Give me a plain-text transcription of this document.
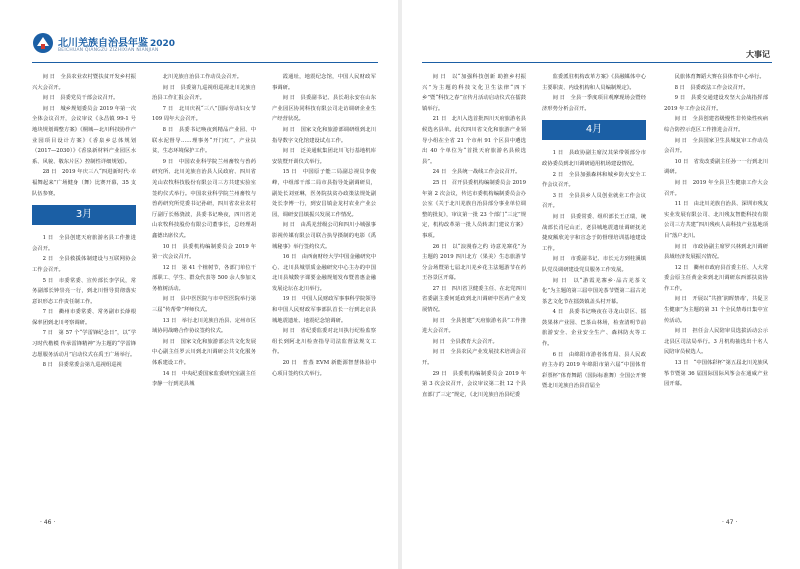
北川羌族自治县年鉴 2020
BEICHUAN QIANGZU ZIZHIXIAN NIANJIAN

间 日　全县农业农村暨扶贫开发乡村振兴大会召开。

间 日　县委党员干部会议召开。

间 日　城乡规划委员会 2019 年第一次全体会议召开，会议审议《永昌镇 99-1 号地块规划调整方案》《桐城—北川科技协作产业园项目设计方案》《香泉乡总体规划（2017—2030）》《香泉新材料产业园区水系、风貌、敬东片区）控制性详细规划》。

28 日　2019 年庆三八“四进新时代·幸福舞起来”广场健身（舞）比赛开幕，35 支队伍参赛。

3月

1 日　全县创建天府旅游名县工作推进会召开。

2 日　全县救援体制建设与互联网协会工作会召开。

5 日　市委常委、宣传部长李学民，常务副部长钟崇亮一行，到北川督导贯彻落实意识形态工作责任制工作。

7 日　衢州市委常委、常务副市长薛根保率团到北川考察调研。

7 日　第 57 个“学雷锋纪念日”，以“学习时代楷模 传承雷锋精神”为主题的“学雷锋志愿服务活动月”启动仪式在禹王广场举行。

8 日　县委常委会第九巡视组巡视

北川羌族自治县工作动员会召开。

间 日　县委第九巡视组巡视北川羌族自治县工作汇报会召开。

7 日　北川庆祝“三八”国际劳动妇女节 109 周年大会召开。

8 日　县委书记唤夜到精品产业园、中联水泥督导……理事务“开门红”，产业扶贫，生态环境保护工作。

9 日　中国农业科学院兰州畜牧与兽药研究所、北川羌族自治县人民政府、四川省羌山农牧科技股份有限公司三方共建实验室签约仪式举行。中国农业科学院兰州畜牧与兽药研究所党委书记孙研，四川省农业农村厅副厅长杨骁波，县委书记唤夜，四川省羌山农牧科技股份有限公司董事长，总经理胡鑫德出席仪式。

10 日　县委机构编制委员会 2019 年第一次会议召开。

12 日　第 41 个植树节，各部门单位干部职工、学生、群众代表等 500 余人参加义务植树活动。

间 日　县中医医院与市中医医院举行第三届“传帮带”拜师仪式。

13 日　举行北川羌族自治县、定州市区域协同战略合作协议签约仪式。

间 日　国家文化和旅游部公共文化发展中心副主任罗云川到北川调研公共文化服务体系建设工作。

14 日　中央纪委国家监委研究室副主任李静一行到羌县城

霞通址，地震纪念馆，中国人民财政军事调研。

间 日　县委副书记、县长胡永安在山东产业园区协同科技有限公司走访调研企业生产经营状况。

间 日　国家文化和旅游部调研组到北川指导数字文化馆建设试点工作。

间 日　泛美通航集团北川飞行基地机库安装暨开训仪式举行。

15 日　中国原子能二局副总视员李俊峰，中组部干部二局市县指导处副调研员，副处长刘亚琳，医务院扶贫办政策法规处副处长李博一行，到安昌镇金龙村农业产业公园，调研安昌镇振兴发展工作情况。

间 日　由禹羌营级公司和四川小城强事影视传媒有限公司联合执导摄制的电影《禹城秘事》举行签约仪式。

16 日　由西南财经大学中国金融研究中心、北川县城票质金融研究中心主办的中国北川县城数字课要金融规划发布暨善惠金融发展论坛在北川举行。

19 日　中国人民财政军事事科学院领导和中国人民财政军事部队首长一行到北京县城地震遗址、地震纪念馆调研。

间 日　省纪委监委对北川执行纪检监察组长到阿北川检查指导司法监督法规文工作。

20 日　普蒸 EVM 新能源智慧体验中心项目签约仪式举行。

· 46 ·
大事记

间 日　以“加强科技创新 助推乡村振兴”为主题的科技文化卫生法律“四下乡”暨“科技之春”宣传月活动启动仪式在擂鼓镇举行。

21 日　北川入选首批四川天府旅游名县候选名县单。此次四川省文化和旅游产业领导小组在全省 21 个市州 91 个区县中遴选出 40 个单位为“首批天府旅游名县候选县”。

24 日　全县统一战线工作会议召开。

25 日　召开县委机构编制委员会 2019 年第 2 次会议，传达市委机构编制委员会办公室《关于北川羌族自治县部分事业单位调整的批复》，审议第一批 23 个部门“三定”规定，机构改革第一批人员转隶门建议方案》事项。

26 日　以“浪漫春之约 诗意羌寨花”为主题的 2019 四川北方（果美）生态旅游节分会场暨第七届北川羌乡花主法题游节在药王谷景区开幕。

27 日　四川省卫健委主任、在北党四川省委副主委何延政到北川调研中医药产业发展情况。

间 日　全县创建“天府旅游名县”工作推进大会召开。

间 日　全县教育大会召开。

间 日　全县农民产业发展技术培训会召开。

29 日　县委机构编制委员会 2019 年第 3 次会议召开，会议审议第二批 12 个县直部门“三定”规定，《北川羌族自治县纪委

监委派驻机构改革方案》《县融媒体中心主要职责、内设机构和人员编制规定》。

间 日　全县一季度项目观摩现场会暨经济形势分析会召开。

4月

1 日　县政协副主席汉其荣带领部分市政协委员到北川调研通用机场建设情况。

2 日　全县加强森林和城乡防火安全工作会议召开。

3 日　全县县乡人员创业就业工作会议召开。

间 日　县委常委、组织部长王正瑞，统战部长肖尼山正，老县城地震遗址调研抚羌捷度额欣羌宇和宣念于防督理培训基地建设工作。

间 日　市委副书记、市长元方到桂溪镇队党员调研建设党员服务工作发展。

间 日　以“游霞羌寨乡·品古羌茶文化”为主题的第三届中国羌茶节暨第二届古羌茶艺文化节在擂鼓镇盖头村开幕。

4 日　县委书记唤夜在寻龙山景区、擂鼓果林产业园、巴茶山林场，检查清明节前旅游安全、企业安全生产、森林防火等工作。

6 日　由绵阳市游者体育局、县人民政府主办的 2019 年绵阳市第六届“中国体育彩票杯”体育舞蹈（国际标准舞）全国公开赛暨北川羌族自治县首届全

民旅体育舞蹈大赛在县体育中心举行。

8 日　县委政法工作会议召开。

9 日　县委交通建设攻坚大会战指挥部 2019 年工作会议召开。

间 日　全县创建省级慢性非传染性疾病综合防控示范区工作推进会召开。

间 日　全县国家卫生县城复审工作动员会召开。

10 日　省发改委副主任孙一一行到北川调研。

间 日　2019 年全县卫生健康工作大会召开。

11 日　由北川羌族自治县、深圳市残友实业发展有限公司、北川残友智能科技有限公司三方共建“四川残疾人高科技产业基地项目”落户北川。

间 日　市政协副主席罗兴林到北川调研县域经济发展振兴情况。

12 日　衢州市政府县首委主任、人大常委会原主任黄金荣到北川调研东西部扶贫协作工作。

间 日　开展以“共推‘润晖禁毒’，共促卫生健康”为主题的第 31 个全民禁毒日集中宣传活动。

间 日　担任会人民陪审员选拔活动公示北县区司法局举行。3 月机构抽选出十名人民陪审员候选人。

13 日　“中国体彩杯”第五届北川羌族风筝节暨第 36 届国际国际风筝会在通威产业园开幕。

· 47 ·
